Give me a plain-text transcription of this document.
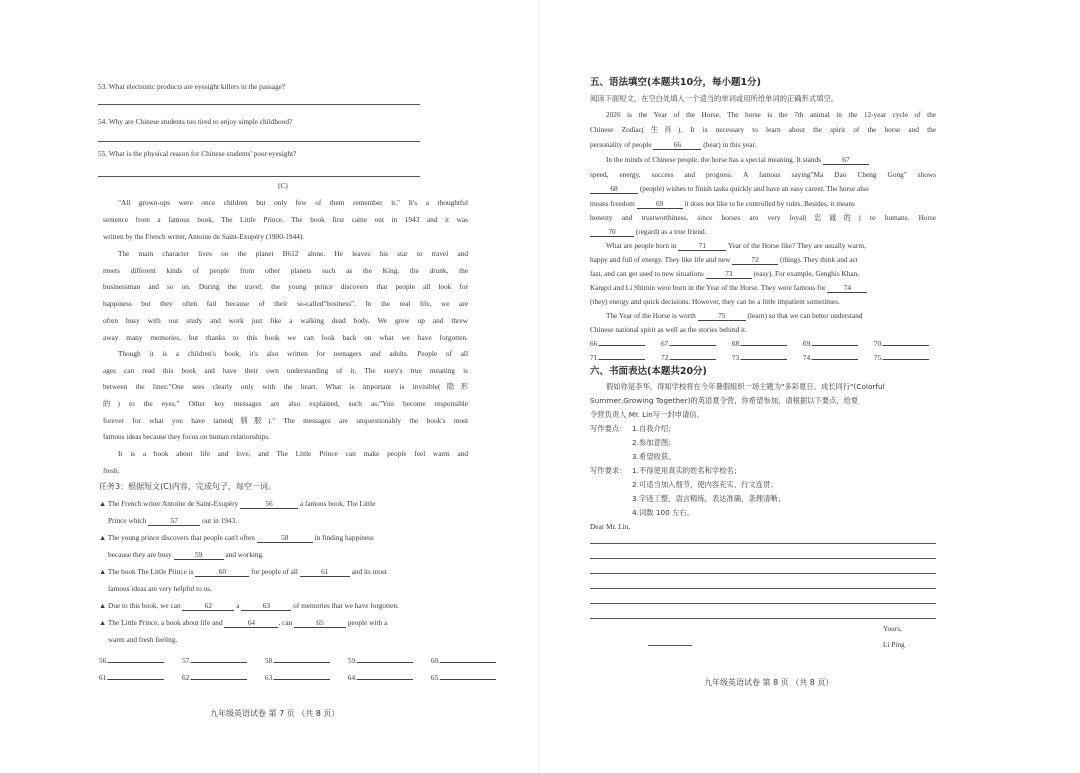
53. What electronic products are eyesight killers in the passage?
54. Why are Chinese students too tired to enjoy simple childhood?
55. What is the physical reason for Chinese students' poor eyesight?
(C)
"All grown-ups were once children but only few of them remember it." It's a thoughtful
sentence from a famous book, The Little Prince. The book first came out in 1943 and it was
written by the French writer, Antoine de Saint-Exupéry (1900-1944).
The main character lives on the planet B612 alone. He leaves his star to travel and
meets different kinds of people from other planets such as the King, the drunk, the
businessman and so on. During the travel, the young prince discovers that people all look for
happiness but they often fail because of their so-called"business". In the real life, we are
often busy with our study and work just like a walking dead body. We grew up and threw
away many memories, but thanks to this book we can look back on what we have forgotten.
Though it is a children's book, it's also written for teenagers and adults. People of all
ages can read this book and have their own understanding of it. The story's true meaning is
between the lines:"One sees clearly only with the heart. What is important is invisible(隐形
的) to the eyes." Other key messages are also explained, such as:"You become responsible
forever for what you have tamed(驯服)." The messages are unquestionably the book's most
famous ideas because they focus on human relationships.
It is a book about life and love, and The Little Prince can make people feel warm and
fresh.
任务3：根据短文(C)内容，完成句子，每空一词。
▲ The French writer Antoine de Saint-Exupéry	56	a famous book, The Little
Prince which	57	out in 1943.
▲ The young prince discovers that people can't often	58	in finding happiness
because they are busy	59	and working.
▲ The book The Little Prince is	60	for people of all	61	and its most
famous ideas are very helpful to us.
▲ Due to this book, we can	62	a	63	of memories that we have forgotten.
▲ The Little Prince, a book about life and	64	, can	65	people with a
warm and fresh feeling.
56.	57.	58.	59.	60.
61.	62.	63.	64.	65.
九年级英语试卷 第 7 页 （共 8 页）
五、语法填空(本题共10分，每小题1分)
阅读下面短文，在空白处填入一个适当的单词或用所给单词的正确形式填空。
2026 is the Year of the Horse. The horse is the 7th animal in the 12-year cycle of the
Chinese Zodiac(生肖). It is necessary to learn about the spirit of the horse and the
personality of people	66	(bear) in this year.
In the minds of Chinese people, the horse has a special meaning. It stands	67
speed, energy, success and progress. A famous saying"Ma Dao Cheng Gong" shows
68	(people) wishes to finish tasks quickly and have an easy career. The horse also
means freedom	69	it does not like to be controlled by rules. Besides, it means
honesty and trustworthiness, since horses are very loyal(忠诚的) to humans. Horse
70	(regard) as a true friend.
What are people born in	71	Year of the Horse like? They are usually warm,
happy and full of energy. They like life and new	72	(thing). They think and act
fast, and can get used to new situations	73	(easy). For example, Genghis Khan,
Kangxi and Li Shimin were born in the Year of the Horse. They were famous for 74
(they) energy and quick decisions. However, they can be a little impatient sometimes.
The Year of the Horse is worth	75	(learn) so that we can better understand
Chinese national spirit as well as the stories behind it.
66.	67.	68.	69.	70.
71.	72.	73.	74.	75.
六、书面表达(本题共20分)
假如你是李华，得知学校将在今年暑假组织一场主题为"多彩夏日、成长同行"(Colorful
Summer,Growing Together)的英语夏令营，你希望参加，请根据以下要点，给夏
令营负责人 Mr. Lin写一封申请信。
写作要点： 1.自我介绍；
2.参加意图；
3.希望收获。
写作要求： 1.不得使用真实的姓名和学校名；
2.可适当加入细节，使内容充实、行文连贯；
3.字迹工整，语言精练，表达准确，条理清晰；
4.词数 100 左右。
Dear Mr. Lin,
Yours,
Li Ping
九年级英语试卷 第 8 页 （共 8 页）
